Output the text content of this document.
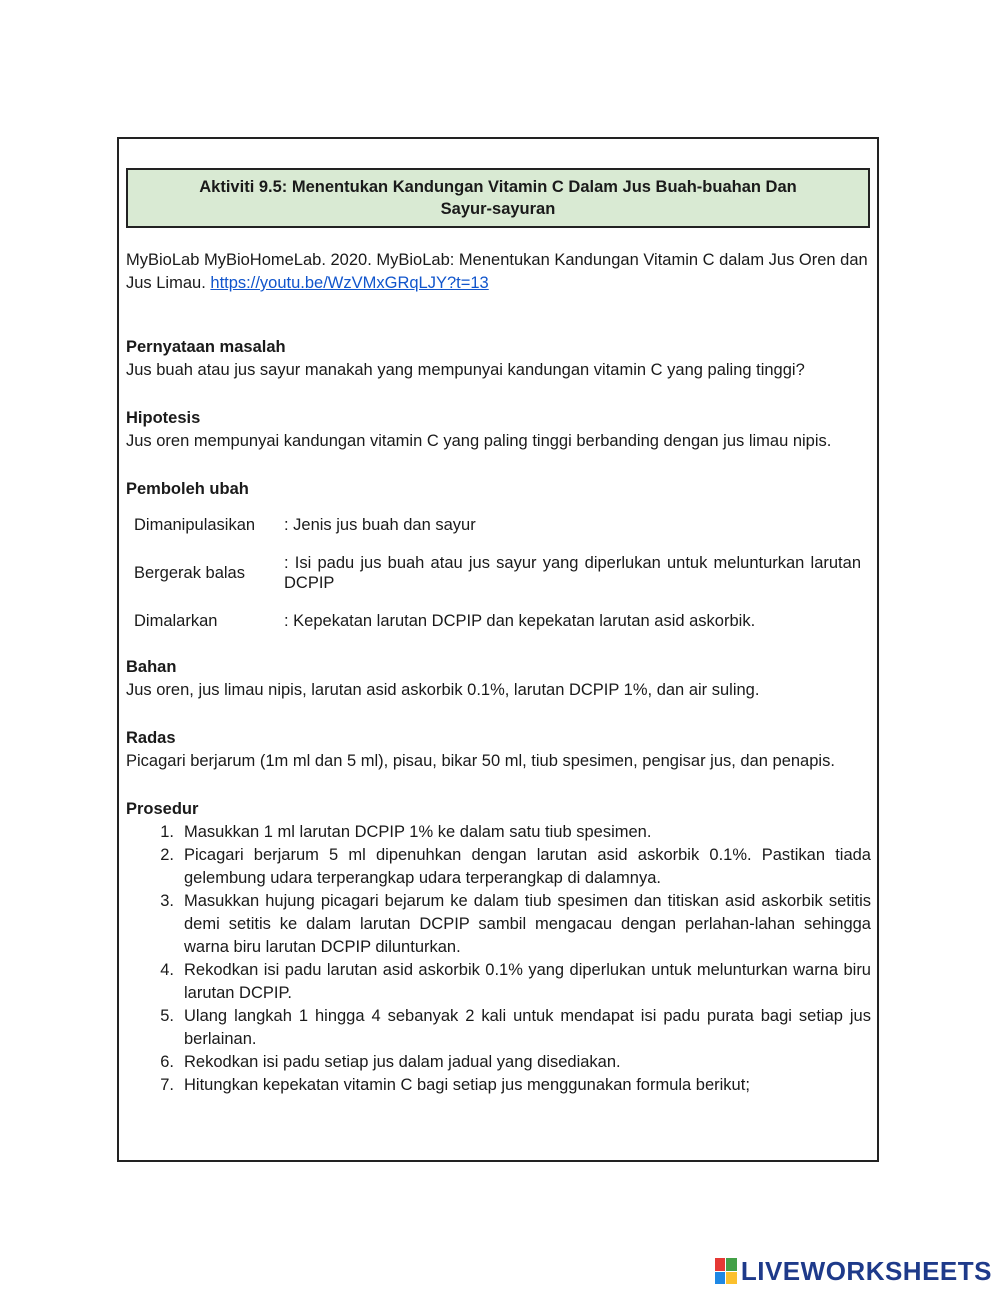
Aktiviti 9.5: Menentukan Kandungan Vitamin C Dalam Jus Buah-buahan Dan
Sayur-sayuran

MyBioLab MyBioHomeLab. 2020. MyBioLab: Menentukan Kandungan Vitamin C dalam Jus Oren dan Jus Limau. https://youtu.be/WzVMxGRqLJY?t=13

Pernyataan masalah

Jus buah atau jus sayur manakah yang mempunyai kandungan vitamin C yang paling tinggi?

Hipotesis

Jus oren mempunyai kandungan vitamin C yang paling tinggi berbanding dengan jus limau nipis.

Pemboleh ubah

Dimanipulasikan	: Jenis jus buah dan sayur
Bergerak balas	: Isi padu jus buah atau jus sayur yang diperlukan untuk melunturkan larutan DCPIP
Dimalarkan	: Kepekatan larutan DCPIP dan kepekatan larutan asid askorbik.

Bahan

Jus oren, jus limau nipis, larutan asid askorbik 0.1%, larutan DCPIP 1%, dan air suling.

Radas

Picagari berjarum (1m ml dan 5 ml), pisau, bikar 50 ml, tiub spesimen, pengisar jus, dan penapis.

Prosedur

1. Masukkan 1 ml larutan DCPIP 1% ke dalam satu tiub spesimen.
2. Picagari berjarum 5 ml dipenuhkan dengan larutan asid askorbik 0.1%. Pastikan tiada gelembung udara terperangkap udara terperangkap di dalamnya.
3. Masukkan hujung picagari bejarum ke dalam tiub spesimen dan titiskan asid askorbik setitis demi setitis ke dalam larutan DCPIP sambil mengacau dengan perlahan-lahan sehingga warna biru larutan DCPIP dilunturkan.
4. Rekodkan isi padu larutan asid askorbik 0.1% yang diperlukan untuk melunturkan warna biru larutan DCPIP.
5. Ulang langkah 1 hingga 4 sebanyak 2 kali untuk mendapat isi padu purata bagi setiap jus berlainan.
6. Rekodkan isi padu setiap jus dalam jadual yang disediakan.
7. Hitungkan kepekatan vitamin C bagi setiap jus menggunakan formula berikut;
LIVEWORKSHEETS
